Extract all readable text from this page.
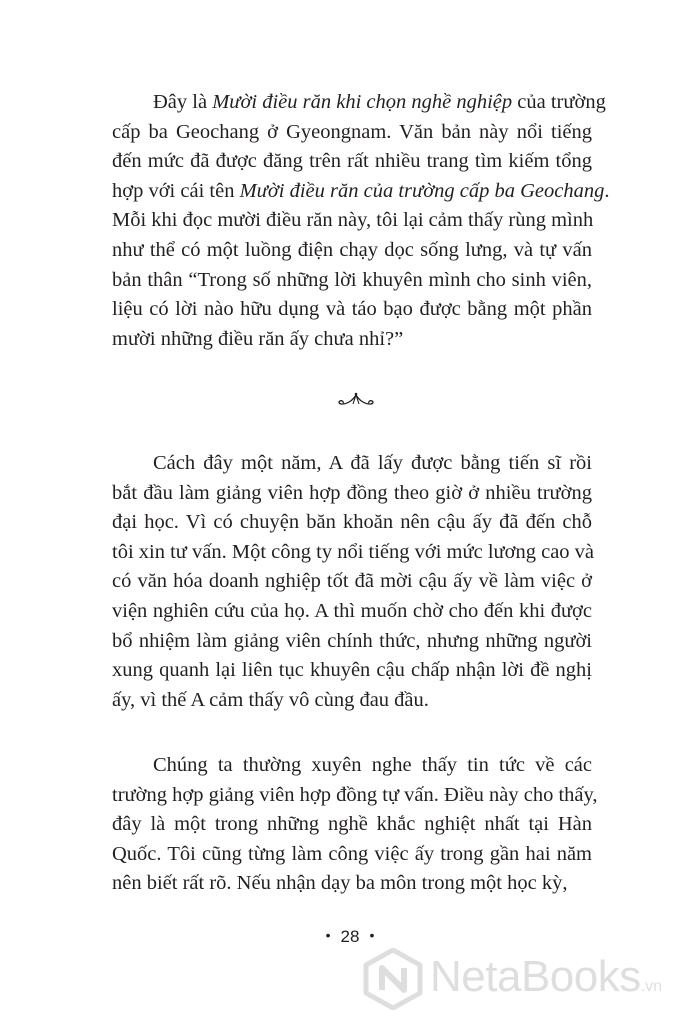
Đây là Mười điều răn khi chọn nghề nghiệp của trường
cấp ba Geochang ở Gyeongnam. Văn bản này nổi tiếng
đến mức đã được đăng trên rất nhiều trang tìm kiếm tổng
hợp với cái tên Mười điều răn của trường cấp ba Geochang.
Mỗi khi đọc mười điều răn này, tôi lại cảm thấy rùng mình
như thể có một luồng điện chạy dọc sống lưng, và tự vấn
bản thân “Trong số những lời khuyên mình cho sinh viên,
liệu có lời nào hữu dụng và táo bạo được bằng một phần
mười những điều răn ấy chưa nhỉ?”
Cách đây một năm, A đã lấy được bằng tiến sĩ rồi
bắt đầu làm giảng viên hợp đồng theo giờ ở nhiều trường
đại học. Vì có chuyện băn khoăn nên cậu ấy đã đến chỗ
tôi xin tư vấn. Một công ty nổi tiếng với mức lương cao và
có văn hóa doanh nghiệp tốt đã mời cậu ấy về làm việc ở
viện nghiên cứu của họ. A thì muốn chờ cho đến khi được
bổ nhiệm làm giảng viên chính thức, nhưng những người
xung quanh lại liên tục khuyên cậu chấp nhận lời đề nghị
ấy, vì thế A cảm thấy vô cùng đau đầu.
Chúng ta thường xuyên nghe thấy tin tức về các
trường hợp giảng viên hợp đồng tự vấn. Điều này cho thấy,
đây là một trong những nghề khắc nghiệt nhất tại Hàn
Quốc. Tôi cũng từng làm công việc ấy trong gần hai năm
nên biết rất rõ. Nếu nhận dạy ba môn trong một học kỳ,
• 28 •
NetaBooks.vn
